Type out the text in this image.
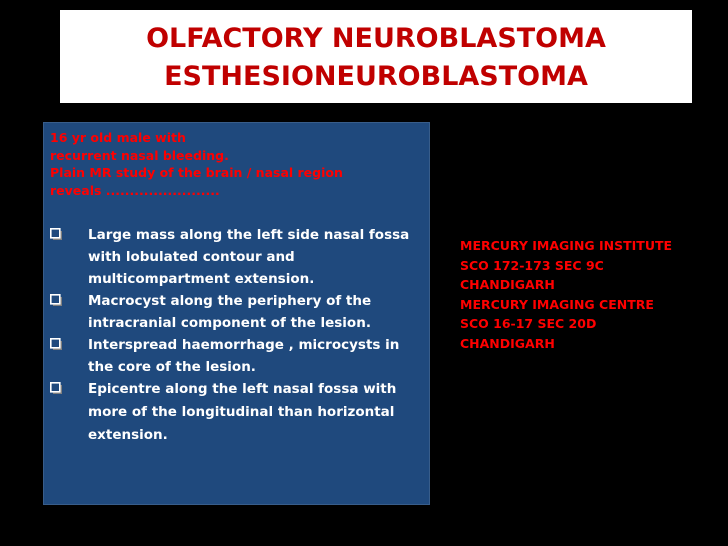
OLFACTORY NEUROBLASTOMA
ESTHESIONEUROBLASTOMA
16 yr old male with
recurrent nasal bleeding.
Plain MR study of the brain / nasal region
reveals ........................
Large mass along the left side nasal fossa with lobulated contour and multicompartment extension.
Macrocyst along the periphery of the intracranial component of the lesion.
Interspread haemorrhage , microcysts in the core of the lesion.
Epicentre along the left nasal fossa with more of the longitudinal than horizontal extension.
MERCURY IMAGING INSTITUTE
SCO 172-173 SEC 9C
CHANDIGARH
MERCURY IMAGING CENTRE
SCO 16-17 SEC 20D
CHANDIGARH
